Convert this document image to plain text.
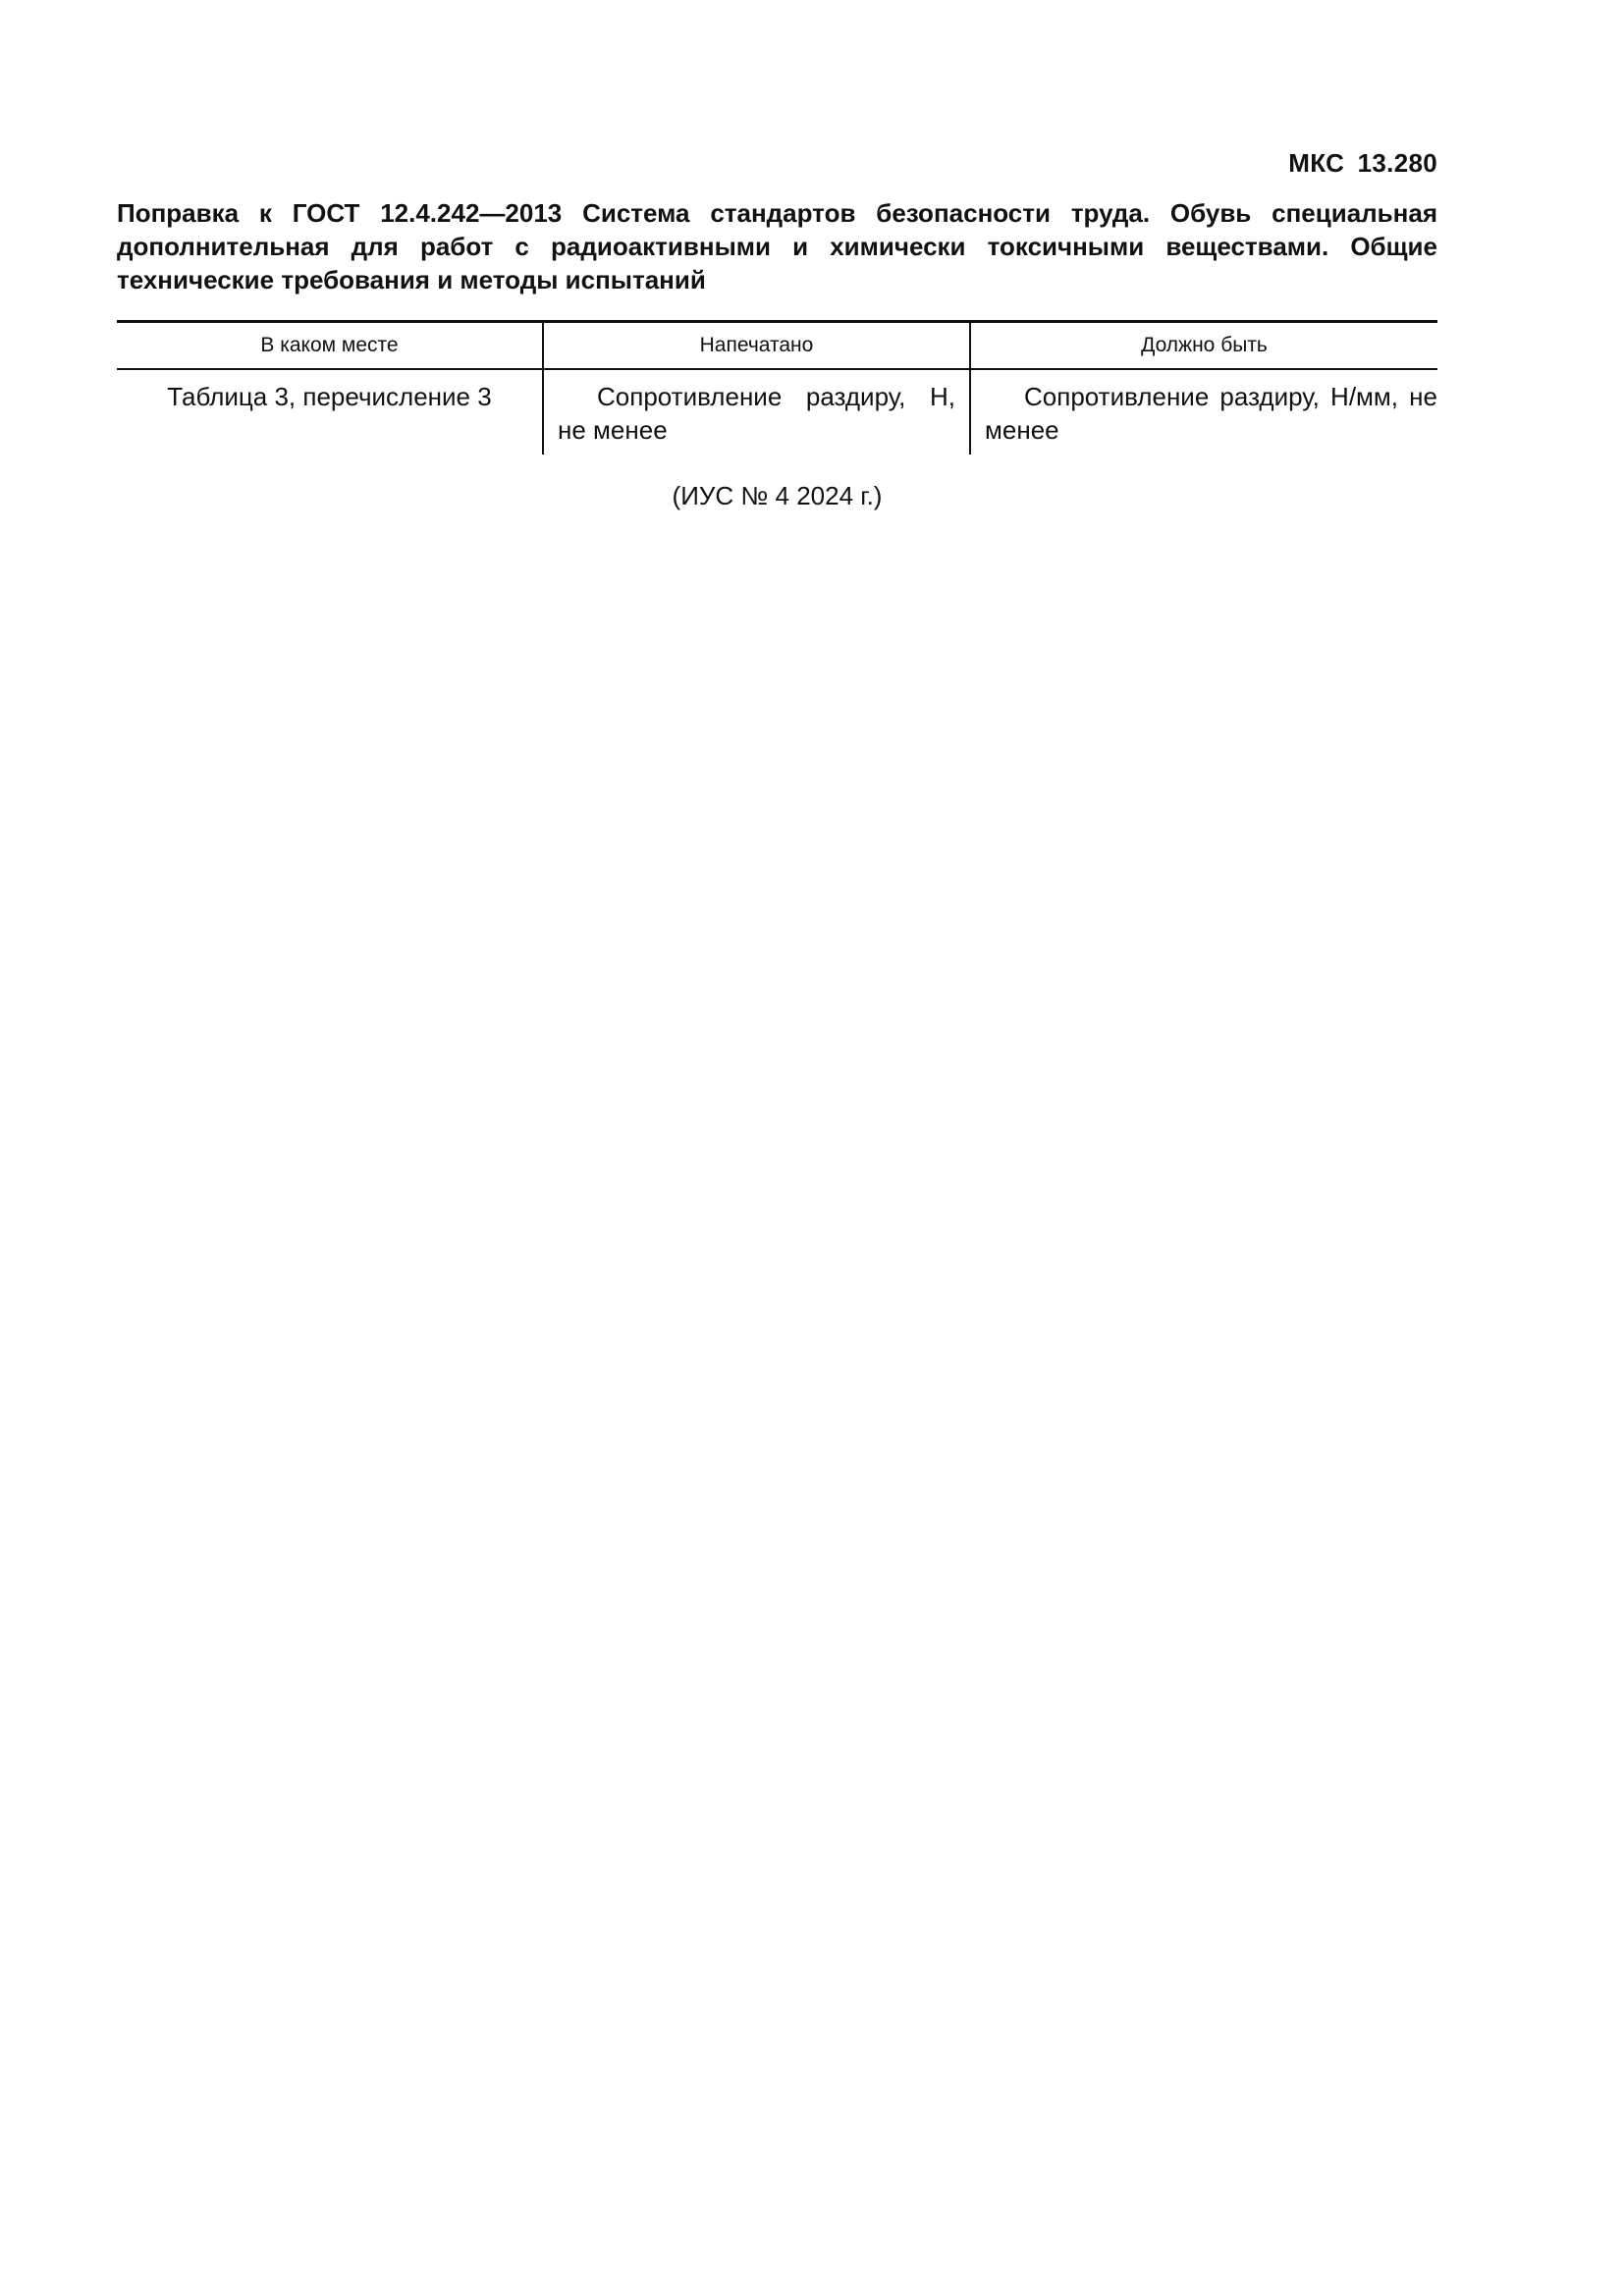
МКС 13.280
Поправка к ГОСТ 12.4.242—2013 Система стандартов безопасности труда. Обувь специальная дополнительная для работ с радиоактивными и химически токсичными веществами. Общие технические требования и методы испытаний
В каком месте	Напечатано	Должно быть
Таблица 3, перечисление 3	Сопротивление раздиру, Н, не менее	Сопротивление раздиру, Н/мм, не менее
(ИУС № 4 2024 г.)
